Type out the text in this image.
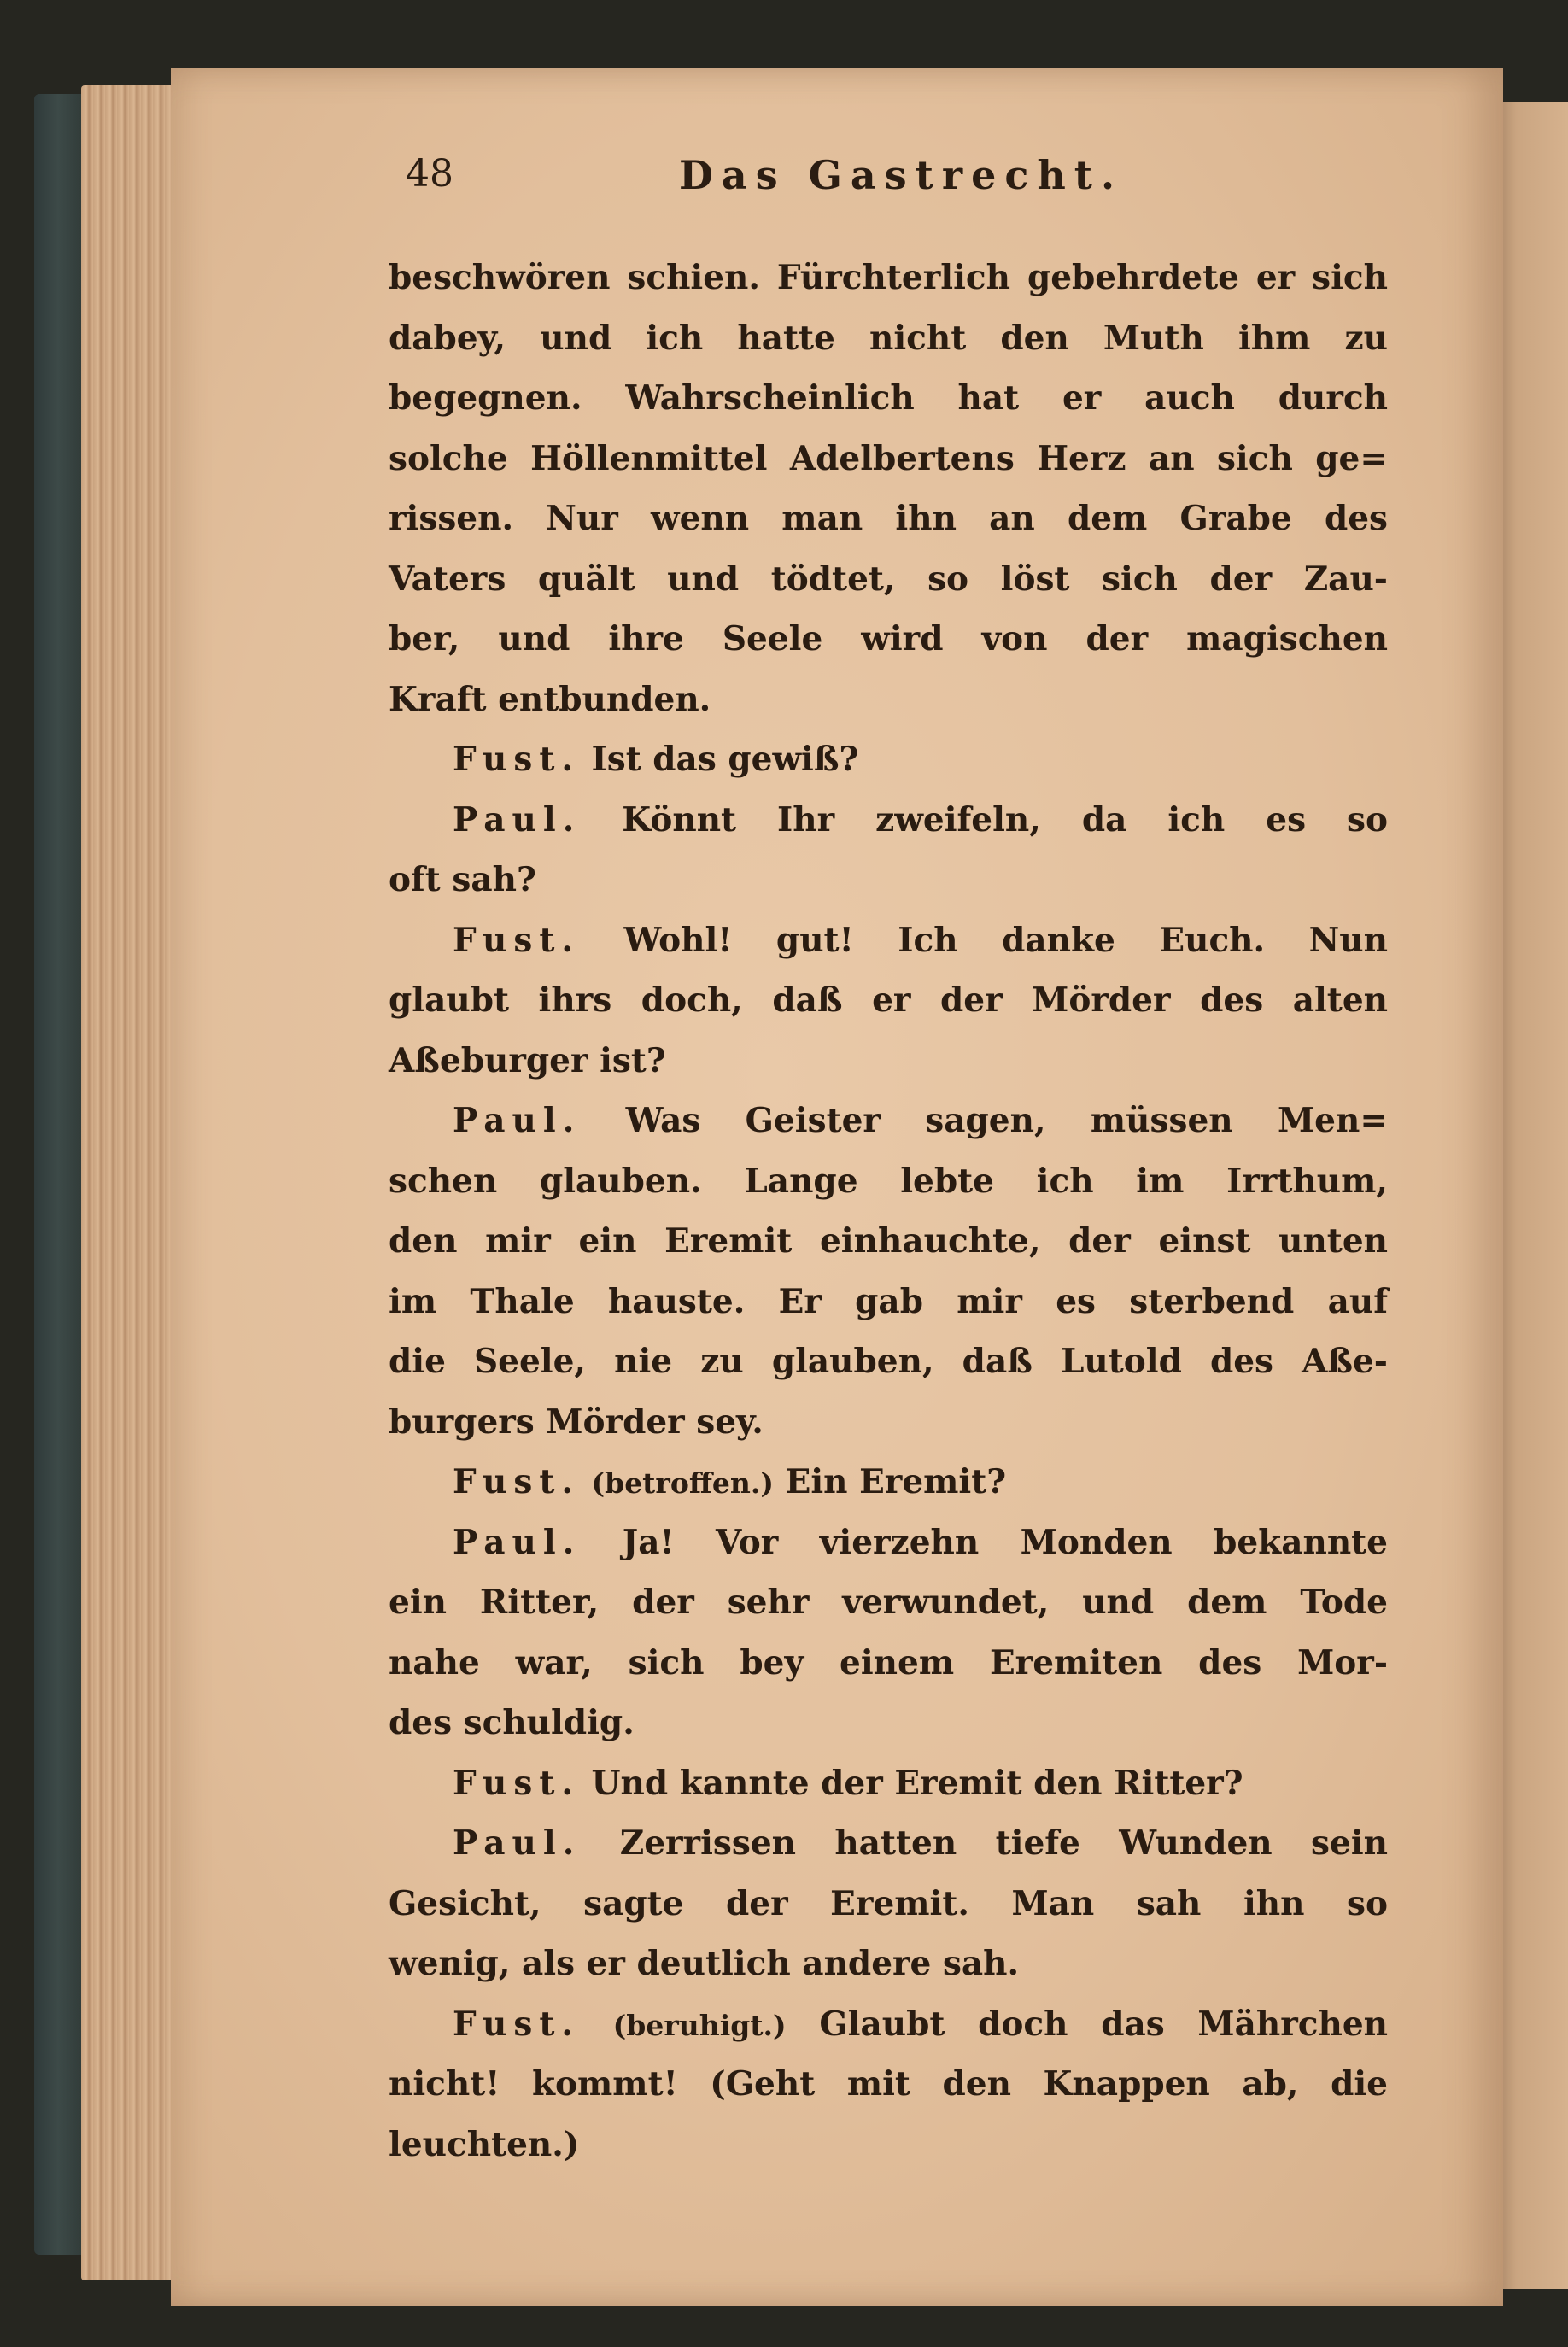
48	Das Gastrecht.
beschwören schien. Fürchterlich gebehrdete er sich
dabey, und ich hatte nicht den Muth ihm zu
begegnen. Wahrscheinlich hat er auch durch
solche Höllenmittel Adelbertens Herz an sich ge=
rissen. Nur wenn man ihn an dem Grabe des
Vaters quält und tödtet, so löst sich der Zau-
ber, und ihre Seele wird von der magischen
Kraft entbunden.
Fust. Ist das gewiß?
Paul. Könnt Ihr zweifeln, da ich es so
oft sah?
Fust. Wohl! gut! Ich danke Euch. Nun
glaubt ihrs doch, daß er der Mörder des alten
Aßeburger ist?
Paul. Was Geister sagen, müssen Men=
schen glauben. Lange lebte ich im Irrthum,
den mir ein Eremit einhauchte, der einst unten
im Thale hauste. Er gab mir es sterbend auf
die Seele, nie zu glauben, daß Lutold des Aße-
burgers Mörder sey.
Fust. (betroffen.) Ein Eremit?
Paul. Ja! Vor vierzehn Monden bekannte
ein Ritter, der sehr verwundet, und dem Tode
nahe war, sich bey einem Eremiten des Mor-
des schuldig.
Fust. Und kannte der Eremit den Ritter?
Paul. Zerrissen hatten tiefe Wunden sein
Gesicht, sagte der Eremit. Man sah ihn so
wenig, als er deutlich andere sah.
Fust. (beruhigt.) Glaubt doch das Mährchen
nicht! kommt! (Geht mit den Knappen ab, die
leuchten.)
